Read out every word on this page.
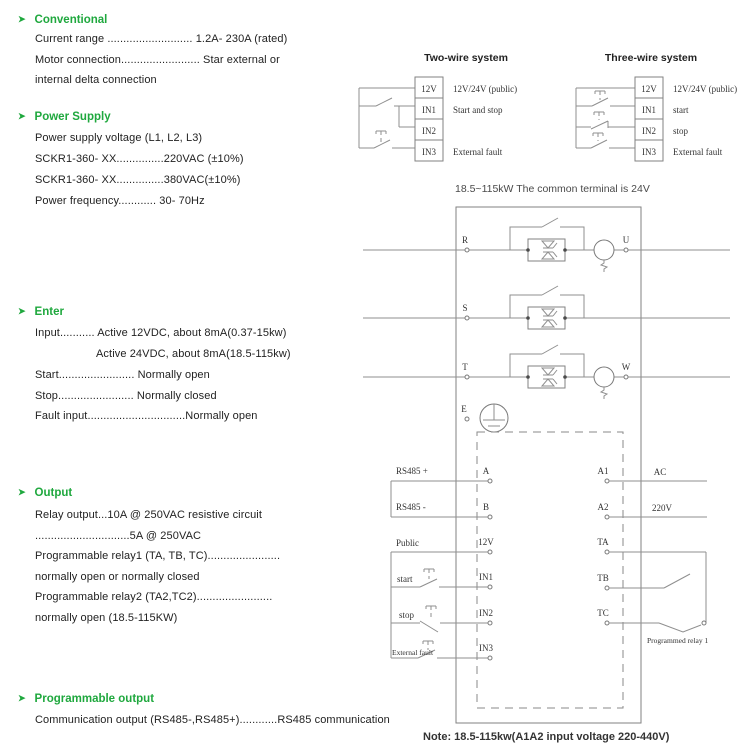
Two-wire system
12V
IN1
IN2
IN3
12V/24V (public)
Start and stop
External fault
Three-wire system
12V
IN1
IN2
IN3
12V/24V (public)
start
stop
External fault
18.5~115kW The common terminal is 24V
R
S
T
U
W
E
RS485 +
RS485 -
Public
start
stop
External fault
A
B
12V
IN1
IN2
IN3
A1
A2
TA
TB
TC
AC
220V
Programmed relay 1
➤ Conventional
Current range ........................... 1.2A- 230A (rated)
Motor connection......................... Star external or
internal delta connection
➤ Power Supply
Power supply voltage (L1, L2, L3)
SCKR1-360- XX...............220VAC (±10%)
SCKR1-360- XX...............380VAC(±10%)
Power frequency............ 30- 70Hz
➤ Enter
Input........... Active 12VDC, about 8mA(0.37-15kw)
Active 24VDC, about 8mA(18.5-115kw)
Start........................ Normally open
Stop........................ Normally closed
Fault input...............................Normally open
➤ Output
Relay output...10A @ 250VAC resistive circuit
..............................5A @ 250VAC
Programmable relay1 (TA, TB, TC).......................
normally open or normally closed
Programmable relay2 (TA2,TC2)........................
normally open (18.5-115KW)
➤ Programmable output
Communication output (RS485-,RS485+)............RS485 communication
Note: 18.5-115kw(A1A2 input voltage 220-440V)
